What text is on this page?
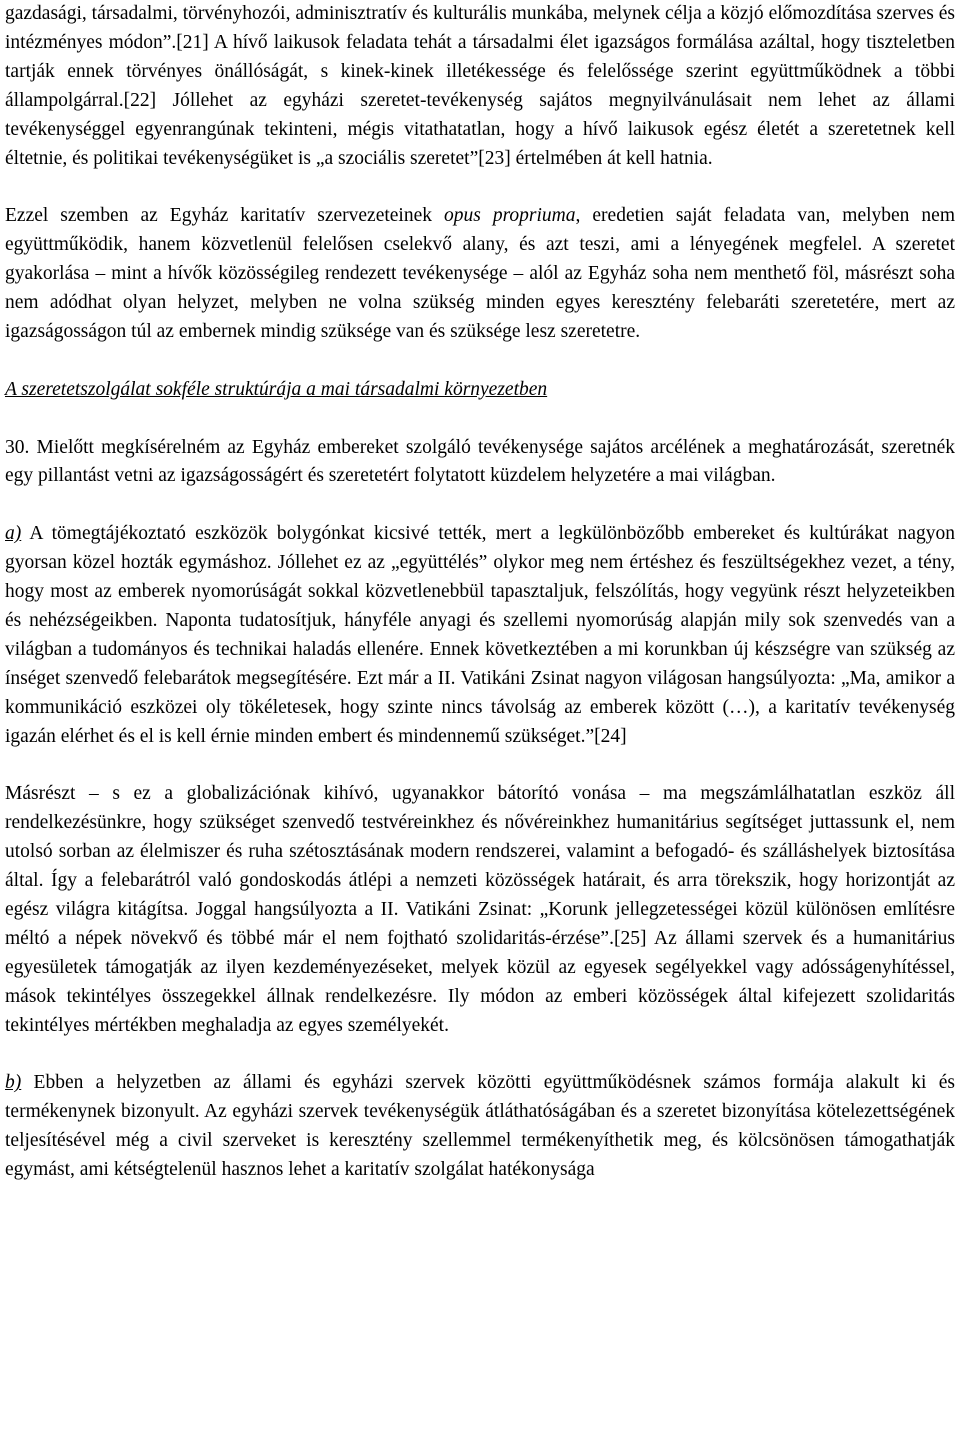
gazdasági, társadalmi, törvényhozói, adminisztratív és kulturális munkába, melynek célja a közjó előmozdítása szerves és intézményes módon”.[21] A hívő laikusok feladata tehát a társadalmi élet igazságos formálása azáltal, hogy tiszteletben tartják ennek törvényes önállóságát, s kinek-kinek illetékessége és felelőssége szerint együttműködnek a többi állampolgárral.[22] Jóllehet az egyházi szeretet-tevékenység sajátos megnyilvánulásait nem lehet az állami tevékenységgel egyenrangúnak tekinteni, mégis vitathatatlan, hogy a hívő laikusok egész életét a szeretetnek kell éltetnie, és politikai tevékenységüket is „a szociális szeretet”[23] értelmében át kell hatnia.

Ezzel szemben az Egyház karitatív szervezeteinek opus propriuma, eredetien saját feladata van, melyben nem együttműködik, hanem közvetlenül felelősen cselekvő alany, és azt teszi, ami a lényegének megfelel. A szeretet gyakorlása – mint a hívők közösségileg rendezett tevékenysége – alól az Egyház soha nem menthető föl, másrészt soha nem adódhat olyan helyzet, melyben ne volna szükség minden egyes keresztény felebaráti szeretetére, mert az igazságosságon túl az embernek mindig szüksége van és szüksége lesz szeretetre.

A szeretetszolgálat sokféle struktúrája a mai társadalmi környezetben

30. Mielőtt megkísérelném az Egyház embereket szolgáló tevékenysége sajátos arcélének a meghatározását, szeretnék egy pillantást vetni az igazságosságért és szeretetért folytatott küzdelem helyzetére a mai világban.

a) A tömegtájékoztató eszközök bolygónkat kicsivé tették, mert a legkülönbözőbb embereket és kultúrákat nagyon gyorsan közel hozták egymáshoz. Jóllehet ez az „együttélés” olykor meg nem értéshez és feszültségekhez vezet, a tény, hogy most az emberek nyomorúságát sokkal közvetlenebbül tapasztaljuk, felszólítás, hogy vegyünk részt helyzeteikben és nehézségeikben. Naponta tudatosítjuk, hányféle anyagi és szellemi nyomorúság alapján mily sok szenvedés van a világban a tudományos és technikai haladás ellenére. Ennek következtében a mi korunkban új készségre van szükség az ínséget szenvedő felebarátok megsegítésére. Ezt már a II. Vatikáni Zsinat nagyon világosan hangsúlyozta: „Ma, amikor a kommunikáció eszközei oly tökéletesek, hogy szinte nincs távolság az emberek között (…), a karitatív tevékenység igazán elérhet és el is kell érnie minden embert és mindennemű szükséget.”[24]

Másrészt – s ez a globalizációnak kihívó, ugyanakkor bátorító vonása – ma megszámlálhatatlan eszköz áll rendelkezésünkre, hogy szükséget szenvedő testvéreinkhez és nővéreinkhez humanitárius segítséget juttassunk el, nem utolsó sorban az élelmiszer és ruha szétosztásának modern rendszerei, valamint a befogadó- és szálláshelyek biztosítása által. Így a felebarátról való gondoskodás átlépi a nemzeti közösségek határait, és arra törekszik, hogy horizontját az egész világra kitágítsa. Joggal hangsúlyozta a II. Vatikáni Zsinat: „Korunk jellegzetességei közül különösen említésre méltó a népek növekvő és többé már el nem fojtható szolidaritás-érzése”.[25] Az állami szervek és a humanitárius egyesületek támogatják az ilyen kezdeményezéseket, melyek közül az egyesek segélyekkel vagy adósságenyhítéssel, mások tekintélyes összegekkel állnak rendelkezésre. Ily módon az emberi közösségek által kifejezett szolidaritás tekintélyes mértékben meghaladja az egyes személyekét.

b) Ebben a helyzetben az állami és egyházi szervek közötti együttműködésnek számos formája alakult ki és termékenynek bizonyult. Az egyházi szervek tevékenységük átláthatóságában és a szeretet bizonyítása kötelezettségének teljesítésével még a civil szerveket is keresztény szellemmel termékenyíthetik meg, és kölcsönösen támogathatják egymást, ami kétségtelenül hasznos lehet a karitatív szolgálat hatékonysága
